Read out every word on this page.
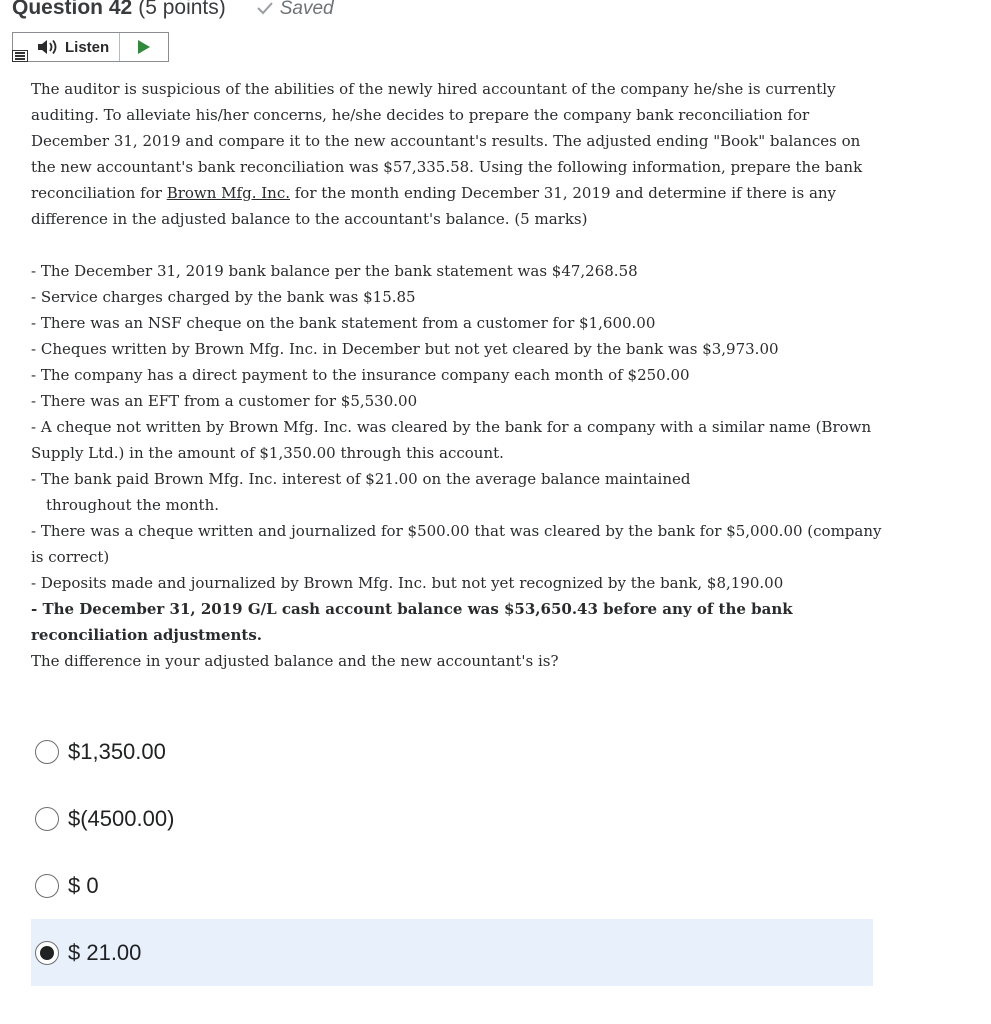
Question 42 (5 points)	Saved
Listen

The auditor is suspicious of the abilities of the newly hired accountant of the company he/she is currently auditing. To alleviate his/her concerns, he/she decides to prepare the company bank reconciliation for December 31, 2019 and compare it to the new accountant's results. The adjusted ending "Book" balances on the new accountant's bank reconciliation was $57,335.58. Using the following information, prepare the bank reconciliation for Brown Mfg. Inc. for the month ending December 31, 2019 and determine if there is any difference in the adjusted balance to the accountant's balance. (5 marks)

- The December 31, 2019 bank balance per the bank statement was $47,268.58

- Service charges charged by the bank was $15.85

- There was an NSF cheque on the bank statement from a customer for $1,600.00

- Cheques written by Brown Mfg. Inc. in December but not yet cleared by the bank was $3,973.00

- The company has a direct payment to the insurance company each month of $250.00

- There was an EFT from a customer for $5,530.00

- A cheque not written by Brown Mfg. Inc. was cleared by the bank for a company with a similar name (Brown Supply Ltd.) in the amount of $1,350.00 through this account.

- The bank paid Brown Mfg. Inc. interest of $21.00 on the average balance maintained

throughout the month.

- There was a cheque written and journalized for $500.00 that was cleared by the bank for $5,000.00 (company is correct)

- Deposits made and journalized by Brown Mfg. Inc. but not yet recognized by the bank, $8,190.00

- The December 31, 2019 G/L cash account balance was $53,650.43 before any of the bank reconciliation adjustments.

The difference in your adjusted balance and the new accountant's is?

$1,350.00
$(4500.00)
$ 0
$ 21.00
